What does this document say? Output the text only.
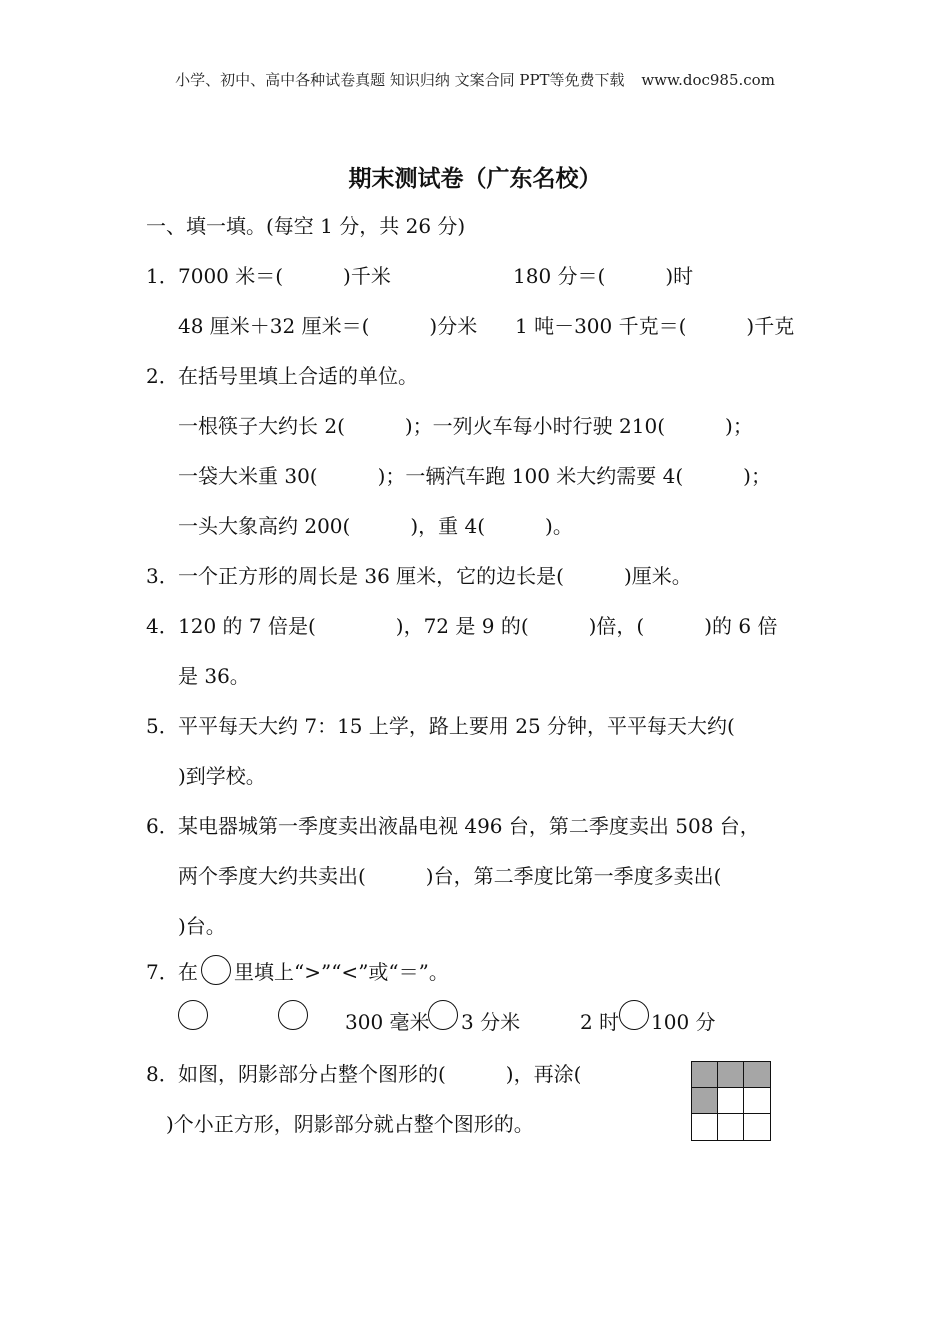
小学、初中、高中各种试卷真题 知识归纳 文案合同 PPT等免费下载 www.doc985.com
期末测试卷（广东名校）
一、填一填。(每空 1 分，共 26 分)
1． 7000 米＝(　　　)千米	180 分＝(　　　)时
48 厘米＋32 厘米＝(　　　)分米 1 吨－300 千克＝(　　　)千克
2． 在括号里填上合适的单位。
一根筷子大约长 2(　　　)；一列火车每小时行驶 210(　　　)；
一袋大米重 30(　　　)；一辆汽车跑 100 米大约需要 4(　　　)；
一头大象高约 200(　　　)，重 4(　　　)。
3． 一个正方形的周长是 36 厘米，它的边长是(　　　)厘米。
4． 120 的 7 倍是(　　　　)，72 是 9 的(　　　)倍，(　　　)的 6 倍
是 36。
5． 平平每天大约 7：15 上学，路上要用 25 分钟，平平每天大约(
)到学校。
6． 某电器城第一季度卖出液晶电视 496 台，第二季度卖出 508 台，
两个季度大约共卖出(　　　)台，第二季度比第一季度多卖出(
)台。
7． 在 里填上“>”“<”或“＝”。
300 毫米 3 分米	2 时 100 分
8． 如图，阴影部分占整个图形的(　　　)，再涂(
)个小正方形，阴影部分就占整个图形的。
